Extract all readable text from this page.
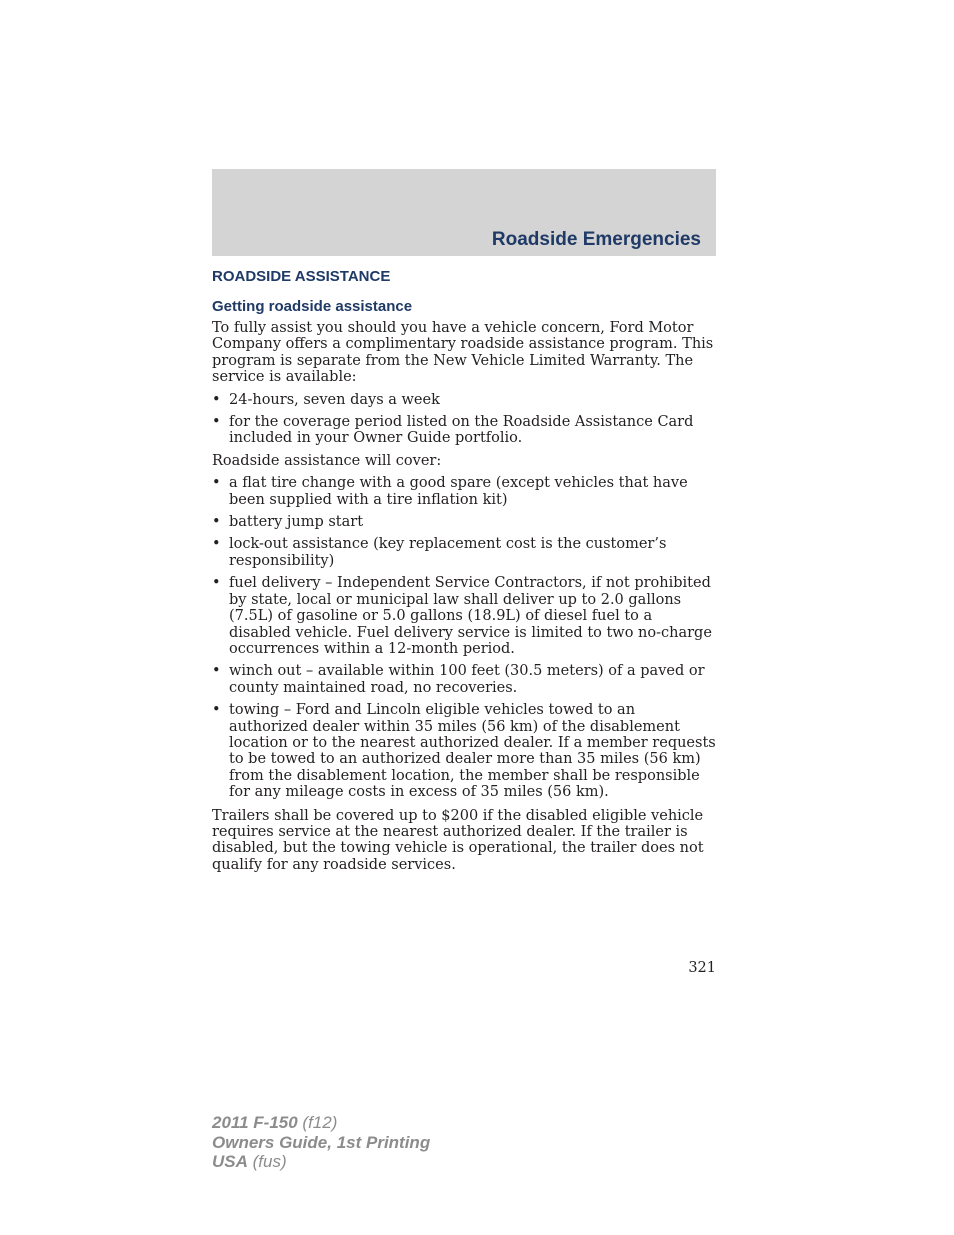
Roadside Emergencies
ROADSIDE ASSISTANCE
Getting roadside assistance

To fully assist you should you have a vehicle concern, Ford Motor Company offers a complimentary roadside assistance program. This program is separate from the New Vehicle Limited Warranty. The service is available:

• 24-hours, seven days a week
• for the coverage period listed on the Roadside Assistance Card included in your Owner Guide portfolio.

Roadside assistance will cover:

• a flat tire change with a good spare (except vehicles that have been supplied with a tire inflation kit)
• battery jump start
• lock-out assistance (key replacement cost is the customer’s responsibility)
• fuel delivery – Independent Service Contractors, if not prohibited by state, local or municipal law shall deliver up to 2.0 gallons (7.5L) of gasoline or 5.0 gallons (18.9L) of diesel fuel to a disabled vehicle. Fuel delivery service is limited to two no-charge occurrences within a 12-month period.
• winch out – available within 100 feet (30.5 meters) of a paved or county maintained road, no recoveries.
• towing – Ford and Lincoln eligible vehicles towed to an authorized dealer within 35 miles (56 km) of the disablement location or to the nearest authorized dealer. If a member requests to be towed to an authorized dealer more than 35 miles (56 km) from the disablement location, the member shall be responsible for any mileage costs in excess of 35 miles (56 km).

Trailers shall be covered up to $200 if the disabled eligible vehicle requires service at the nearest authorized dealer. If the trailer is disabled, but the towing vehicle is operational, the trailer does not qualify for any roadside services.

321
2011 F-150 (f12)
Owners Guide, 1st Printing
USA (fus)
